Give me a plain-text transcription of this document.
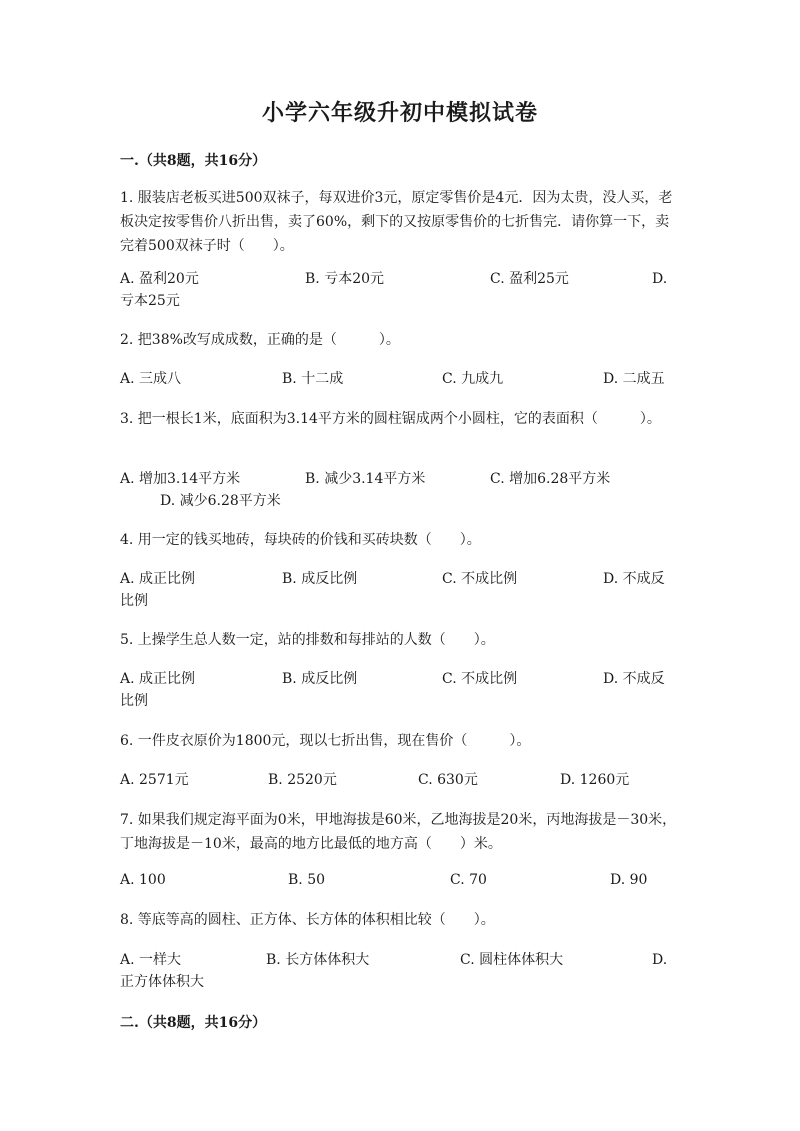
小学六年级升初中模拟试卷
一.（共8题，共16分）
1. 服装店老板买进500双袜子，每双进价3元，原定零售价是4元．因为太贵，没人买，老板决定按零售价八折出售，卖了60%，剩下的又按原零售价的七折售完．请你算一下，卖完着500双袜子时（　　）。
A. 盈利20元	B. 亏本20元	C. 盈利25元	D.
亏本25元
2. 把38%改写成成数，正确的是（　　　）。
A. 三成八	B. 十二成	C. 九成九	D. 二成五
3. 把一根长1米，底面积为3.14平方米的圆柱锯成两个小圆柱，它的表面积（　　　）。
A. 增加3.14平方米	B. 减少3.14平方米	C. 增加6.28平方米
D. 减少6.28平方米
4. 用一定的钱买地砖，每块砖的价钱和买砖块数（　　）。
A. 成正比例	B. 成反比例	C. 不成比例	D. 不成反
比例
5. 上操学生总人数一定，站的排数和每排站的人数（　　）。
A. 成正比例	B. 成反比例	C. 不成比例	D. 不成反
比例
6. 一件皮衣原价为1800元，现以七折出售，现在售价（　　　）。
A. 2571元	B. 2520元	C. 630元	D. 1260元
7. 如果我们规定海平面为0米，甲地海拔是60米，乙地海拔是20米，丙地海拔是－30米，丁地海拔是－10米，最高的地方比最低的地方高（　　）米。
A. 100	B. 50	C. 70	D. 90
8. 等底等高的圆柱、正方体、长方体的体积相比较（　　）。
A. 一样大	B. 长方体体积大	C. 圆柱体体积大	D.
正方体体积大
二.（共8题，共16分）
